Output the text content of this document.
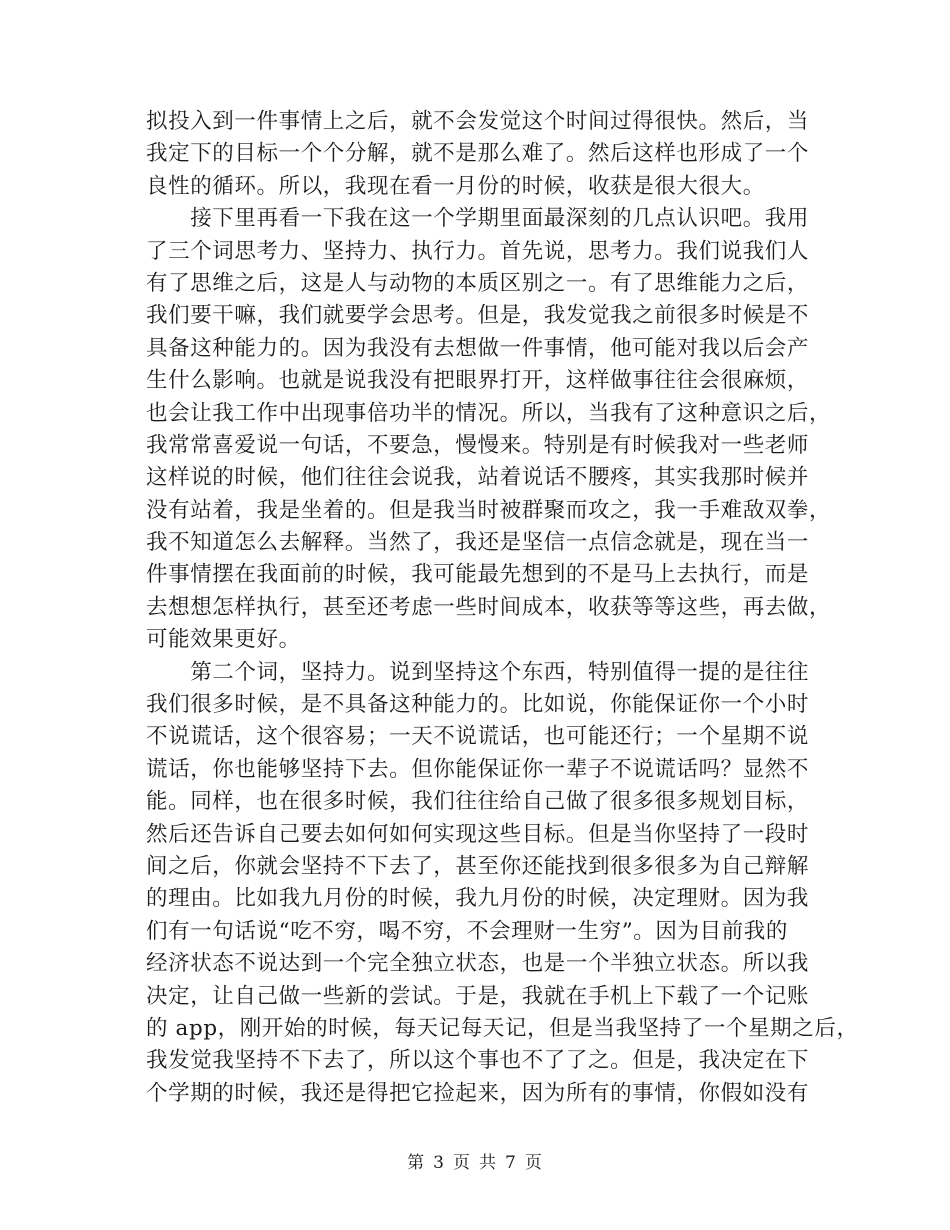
拟投入到一件事情上之后，就不会发觉这个时间过得很快。然后，当
我定下的目标一个个分解，就不是那么难了。然后这样也形成了一个
良性的循环。所以，我现在看一月份的时候，收获是很大很大。
　　接下里再看一下我在这一个学期里面最深刻的几点认识吧。我用
了三个词思考力、坚持力、执行力。首先说，思考力。我们说我们人
有了思维之后，这是人与动物的本质区别之一。有了思维能力之后，
我们要干嘛，我们就要学会思考。但是，我发觉我之前很多时候是不
具备这种能力的。因为我没有去想做一件事情，他可能对我以后会产
生什么影响。也就是说我没有把眼界打开，这样做事往往会很麻烦，
也会让我工作中出现事倍功半的情况。所以，当我有了这种意识之后，
我常常喜爱说一句话，不要急，慢慢来。特别是有时候我对一些老师
这样说的时候，他们往往会说我，站着说话不腰疼，其实我那时候并
没有站着，我是坐着的。但是我当时被群聚而攻之，我一手难敌双拳，
我不知道怎么去解释。当然了，我还是坚信一点信念就是，现在当一
件事情摆在我面前的时候，我可能最先想到的不是马上去执行，而是
去想想怎样执行，甚至还考虑一些时间成本，收获等等这些，再去做，
可能效果更好。
　　第二个词，坚持力。说到坚持这个东西，特别值得一提的是往往
我们很多时候，是不具备这种能力的。比如说，你能保证你一个小时
不说谎话，这个很容易；一天不说谎话，也可能还行；一个星期不说
谎话，你也能够坚持下去。但你能保证你一辈子不说谎话吗？显然不
能。同样，也在很多时候，我们往往给自己做了很多很多规划目标，
然后还告诉自己要去如何如何实现这些目标。但是当你坚持了一段时
间之后，你就会坚持不下去了，甚至你还能找到很多很多为自己辩解
的理由。比如我九月份的时候，我九月份的时候，决定理财。因为我
们有一句话说“吃不穷，喝不穷，不会理财一生穷”。因为目前我的
经济状态不说达到一个完全独立状态，也是一个半独立状态。所以我
决定，让自己做一些新的尝试。于是，我就在手机上下载了一个记账
的 app，刚开始的时候，每天记每天记，但是当我坚持了一个星期之后，
我发觉我坚持不下去了，所以这个事也不了了之。但是，我决定在下
个学期的时候，我还是得把它捡起来，因为所有的事情，你假如没有
第 3 页 共 7 页
